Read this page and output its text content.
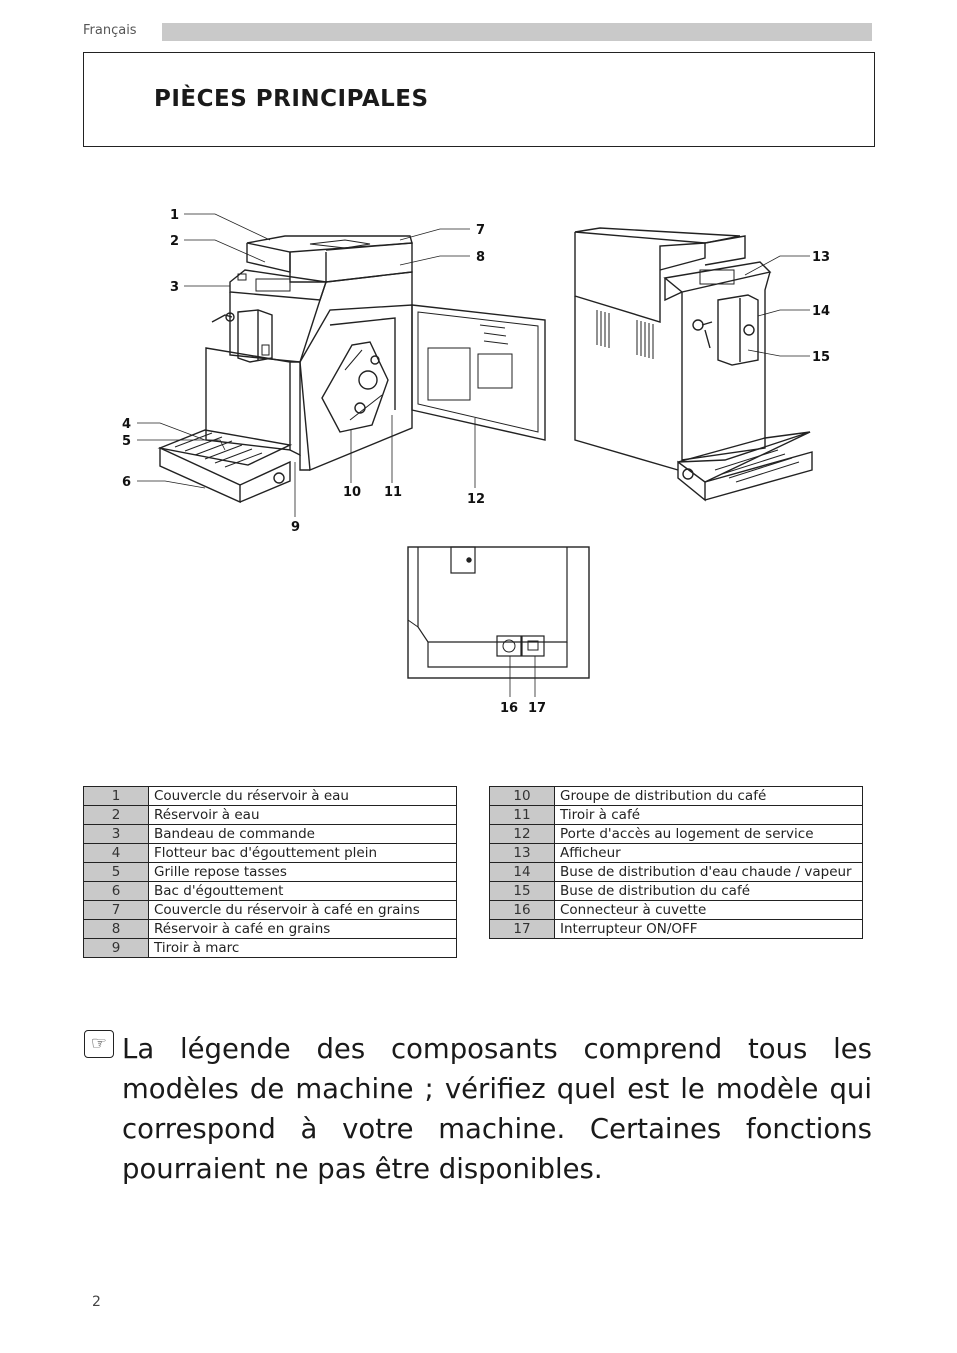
Français
PIÈCES PRINCIPALES
1
2
3
4
5
6
7
8
9
10 11	12
13
14
15
16 17
1	Couvercle du réservoir à eau
2	Réservoir à eau
3	Bandeau de commande
4	Flotteur bac d'égouttement plein
5	Grille repose tasses
6	Bac d'égouttement
7	Couvercle du réservoir à café en grains
8	Réservoir à café en grains
9	Tiroir à marc
10	Groupe de distribution du café
11	Tiroir à café
12	Porte d'accès au logement de service
13	Afficheur
14	Buse de distribution d'eau chaude / vapeur
15	Buse de distribution du café
16	Connecteur à cuvette
17	Interrupteur ON/OFF
☞ La légende des composants comprend tous les modèles de machine ; vérifiez quel est le modèle qui correspond à votre machine. Certaines fonctions pourraient ne pas être disponibles.
2
